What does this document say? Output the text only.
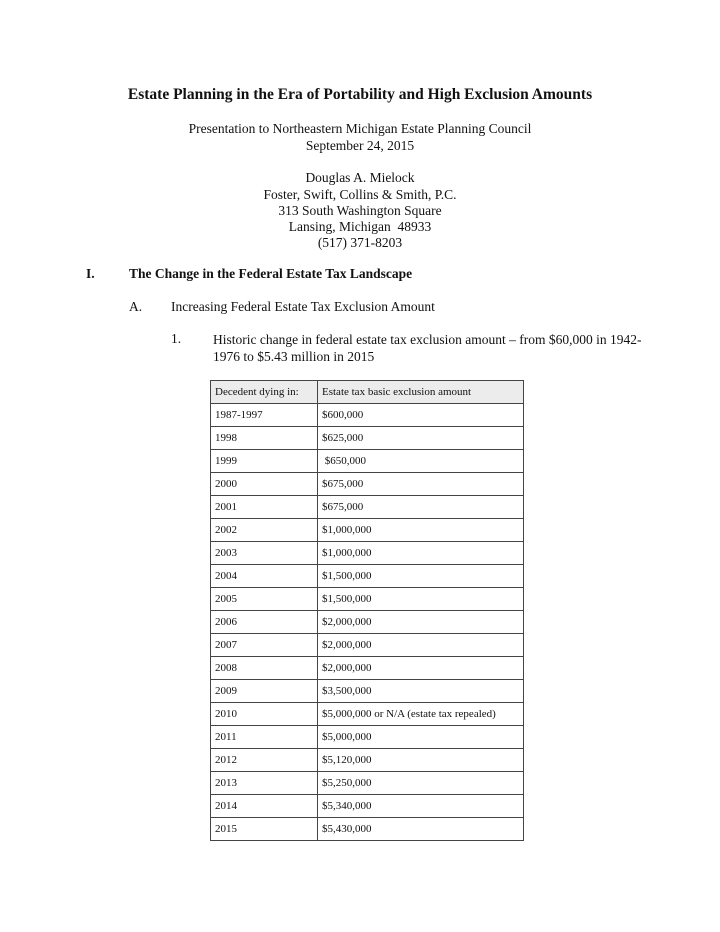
Estate Planning in the Era of Portability and High Exclusion Amounts
Presentation to Northeastern Michigan Estate Planning Council
September 24, 2015
Douglas A. Mielock
Foster, Swift, Collins & Smith, P.C.
313 South Washington Square
Lansing, Michigan  48933
(517) 371-8203
I.	The Change in the Federal Estate Tax Landscape
A. Increasing Federal Estate Tax Exclusion Amount
1. Historic change in federal estate tax exclusion amount – from $60,000 in 1942-1976 to $5.43 million in 2015
Decedent dying in:	Estate tax basic exclusion amount
1987-1997	$600,000
1998	$625,000
1999	$650,000
2000	$675,000
2001	$675,000
2002	$1,000,000
2003	$1,000,000
2004	$1,500,000
2005	$1,500,000
2006	$2,000,000
2007	$2,000,000
2008	$2,000,000
2009	$3,500,000
2010	$5,000,000 or N/A (estate tax repealed)
2011	$5,000,000
2012	$5,120,000
2013	$5,250,000
2014	$5,340,000
2015	$5,430,000
